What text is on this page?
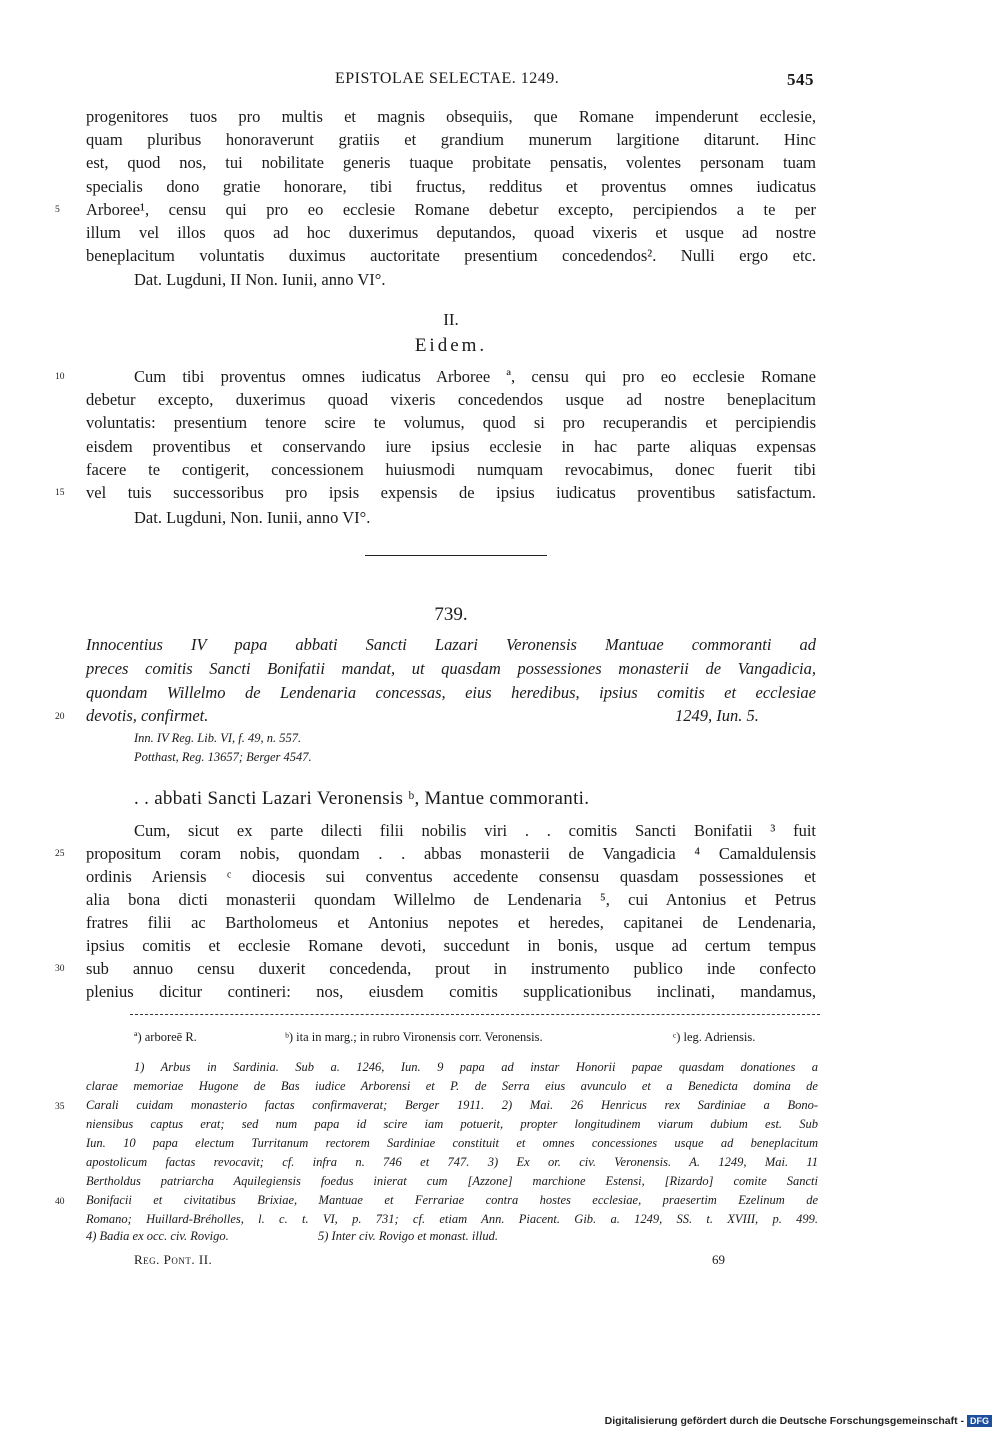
EPISTOLAE SELECTAE. 1249.	545
progenitores tuos pro multis et magnis obsequiis, que Romane impenderunt ecclesie,
quam pluribus honoraverunt gratiis et grandium munerum largitione ditarunt. Hinc
est, quod nos, tui nobilitate generis tuaque probitate pensatis, volentes personam tuam
specialis dono gratie honorare, tibi fructus, redditus et proventus omnes iudicatus
Arboree¹, censu qui pro eo ecclesie Romane debetur excepto, percipiendos a te per
illum vel illos quos ad hoc duxerimus deputandos, quoad vixeris et usque ad nostre
beneplacitum voluntatis duximus auctoritate presentium concedendos². Nulli ergo etc.
Dat. Lugduni, II Non. Iunii, anno VI°.
II.
Eidem.
Cum tibi proventus omnes iudicatus Arboree ª, censu qui pro eo ecclesie Romane
debetur excepto, duxerimus quoad vixeris concedendos usque ad nostre beneplacitum
voluntatis: presentium tenore scire te volumus, quod si pro recuperandis et percipiendis
eisdem proventibus et conservando iure ipsius ecclesie in hac parte aliquas expensas
facere te contigerit, concessionem huiusmodi numquam revocabimus, donec fuerit tibi
vel tuis successoribus pro ipsis expensis de ipsius iudicatus proventibus satisfactum.
Dat. Lugduni, Non. Iunii, anno VI°.
739.
Innocentius IV papa abbati Sancti Lazari Veronensis Mantuae commoranti ad
preces comitis Sancti Bonifatii mandat, ut quasdam possessiones monasterii de Vangadicia,
quondam Willelmo de Lendenaria concessas, eius heredibus, ipsius comitis et ecclesiae
devotis, confirmet.	1249, Iun. 5.
Inn. IV Reg. Lib. VI, f. 49, n. 557.
Potthast, Reg. 13657; Berger 4547.
. . abbati Sancti Lazari Veronensis ᵇ, Mantue commoranti.
Cum, sicut ex parte dilecti filii nobilis viri . . comitis Sancti Bonifatii ³ fuit
propositum coram nobis, quondam . . abbas monasterii de Vangadicia ⁴ Camaldulensis
ordinis Ariensis ᶜ diocesis sui conventus accedente consensu quasdam possessiones et
alia bona dicti monasterii quondam Willelmo de Lendenaria ⁵, cui Antonius et Petrus
fratres filii ac Bartholomeus et Antonius nepotes et heredes, capitanei de Lendenaria,
ipsius comitis et ecclesie Romane devoti, succedunt in bonis, usque ad certum tempus
sub annuo censu duxerit concedenda, prout in instrumento publico inde confecto
plenius dicitur contineri: nos, eiusdem comitis supplicationibus inclinati, mandamus,
5
10
15
20
25
30
35
40
ª) arboreē R.	ᵇ) ita in marg.; in rubro Vironensis corr. Veronensis.	ᶜ) leg. Adriensis.
1) Arbus in Sardinia. Sub a. 1246, Iun. 9 papa ad instar Honorii papae quasdam donationes a
clarae memoriae Hugone de Bas iudice Arborensi et P. de Serra eius avunculo et a Benedicta domina de
Carali cuidam monasterio factas confirmaverat; Berger 1911. 2) Mai. 26 Henricus rex Sardiniae a Bono-
niensibus captus erat; sed num papa id scire iam potuerit, propter longitudinem viarum dubium est. Sub
Iun. 10 papa electum Turritanum rectorem Sardiniae constituit et omnes concessiones usque ad beneplacitum
apostolicum factas revocavit; cf. infra n. 746 et 747. 3) Ex or. civ. Veronensis. A. 1249, Mai. 11
Bertholdus patriarcha Aquilegiensis foedus inierat cum [Azzone] marchione Estensi, [Rizardo] comite Sancti
Bonifacii et civitatibus Brixiae, Mantuae et Ferrariae contra hostes ecclesiae, praesertim Ezelinum de
Romano; Huillard-Bréholles, l. c. t. VI, p. 731; cf. etiam Ann. Piacent. Gib. a. 1249, SS. t. XVIII, p. 499.
4) Badia ex occ. civ. Rovigo.	5) Inter civ. Rovigo et monast. illud.
Reg. Pont. II.	69
Digitalisierung gefördert durch die Deutsche Forschungsgemeinschaft - DFG
